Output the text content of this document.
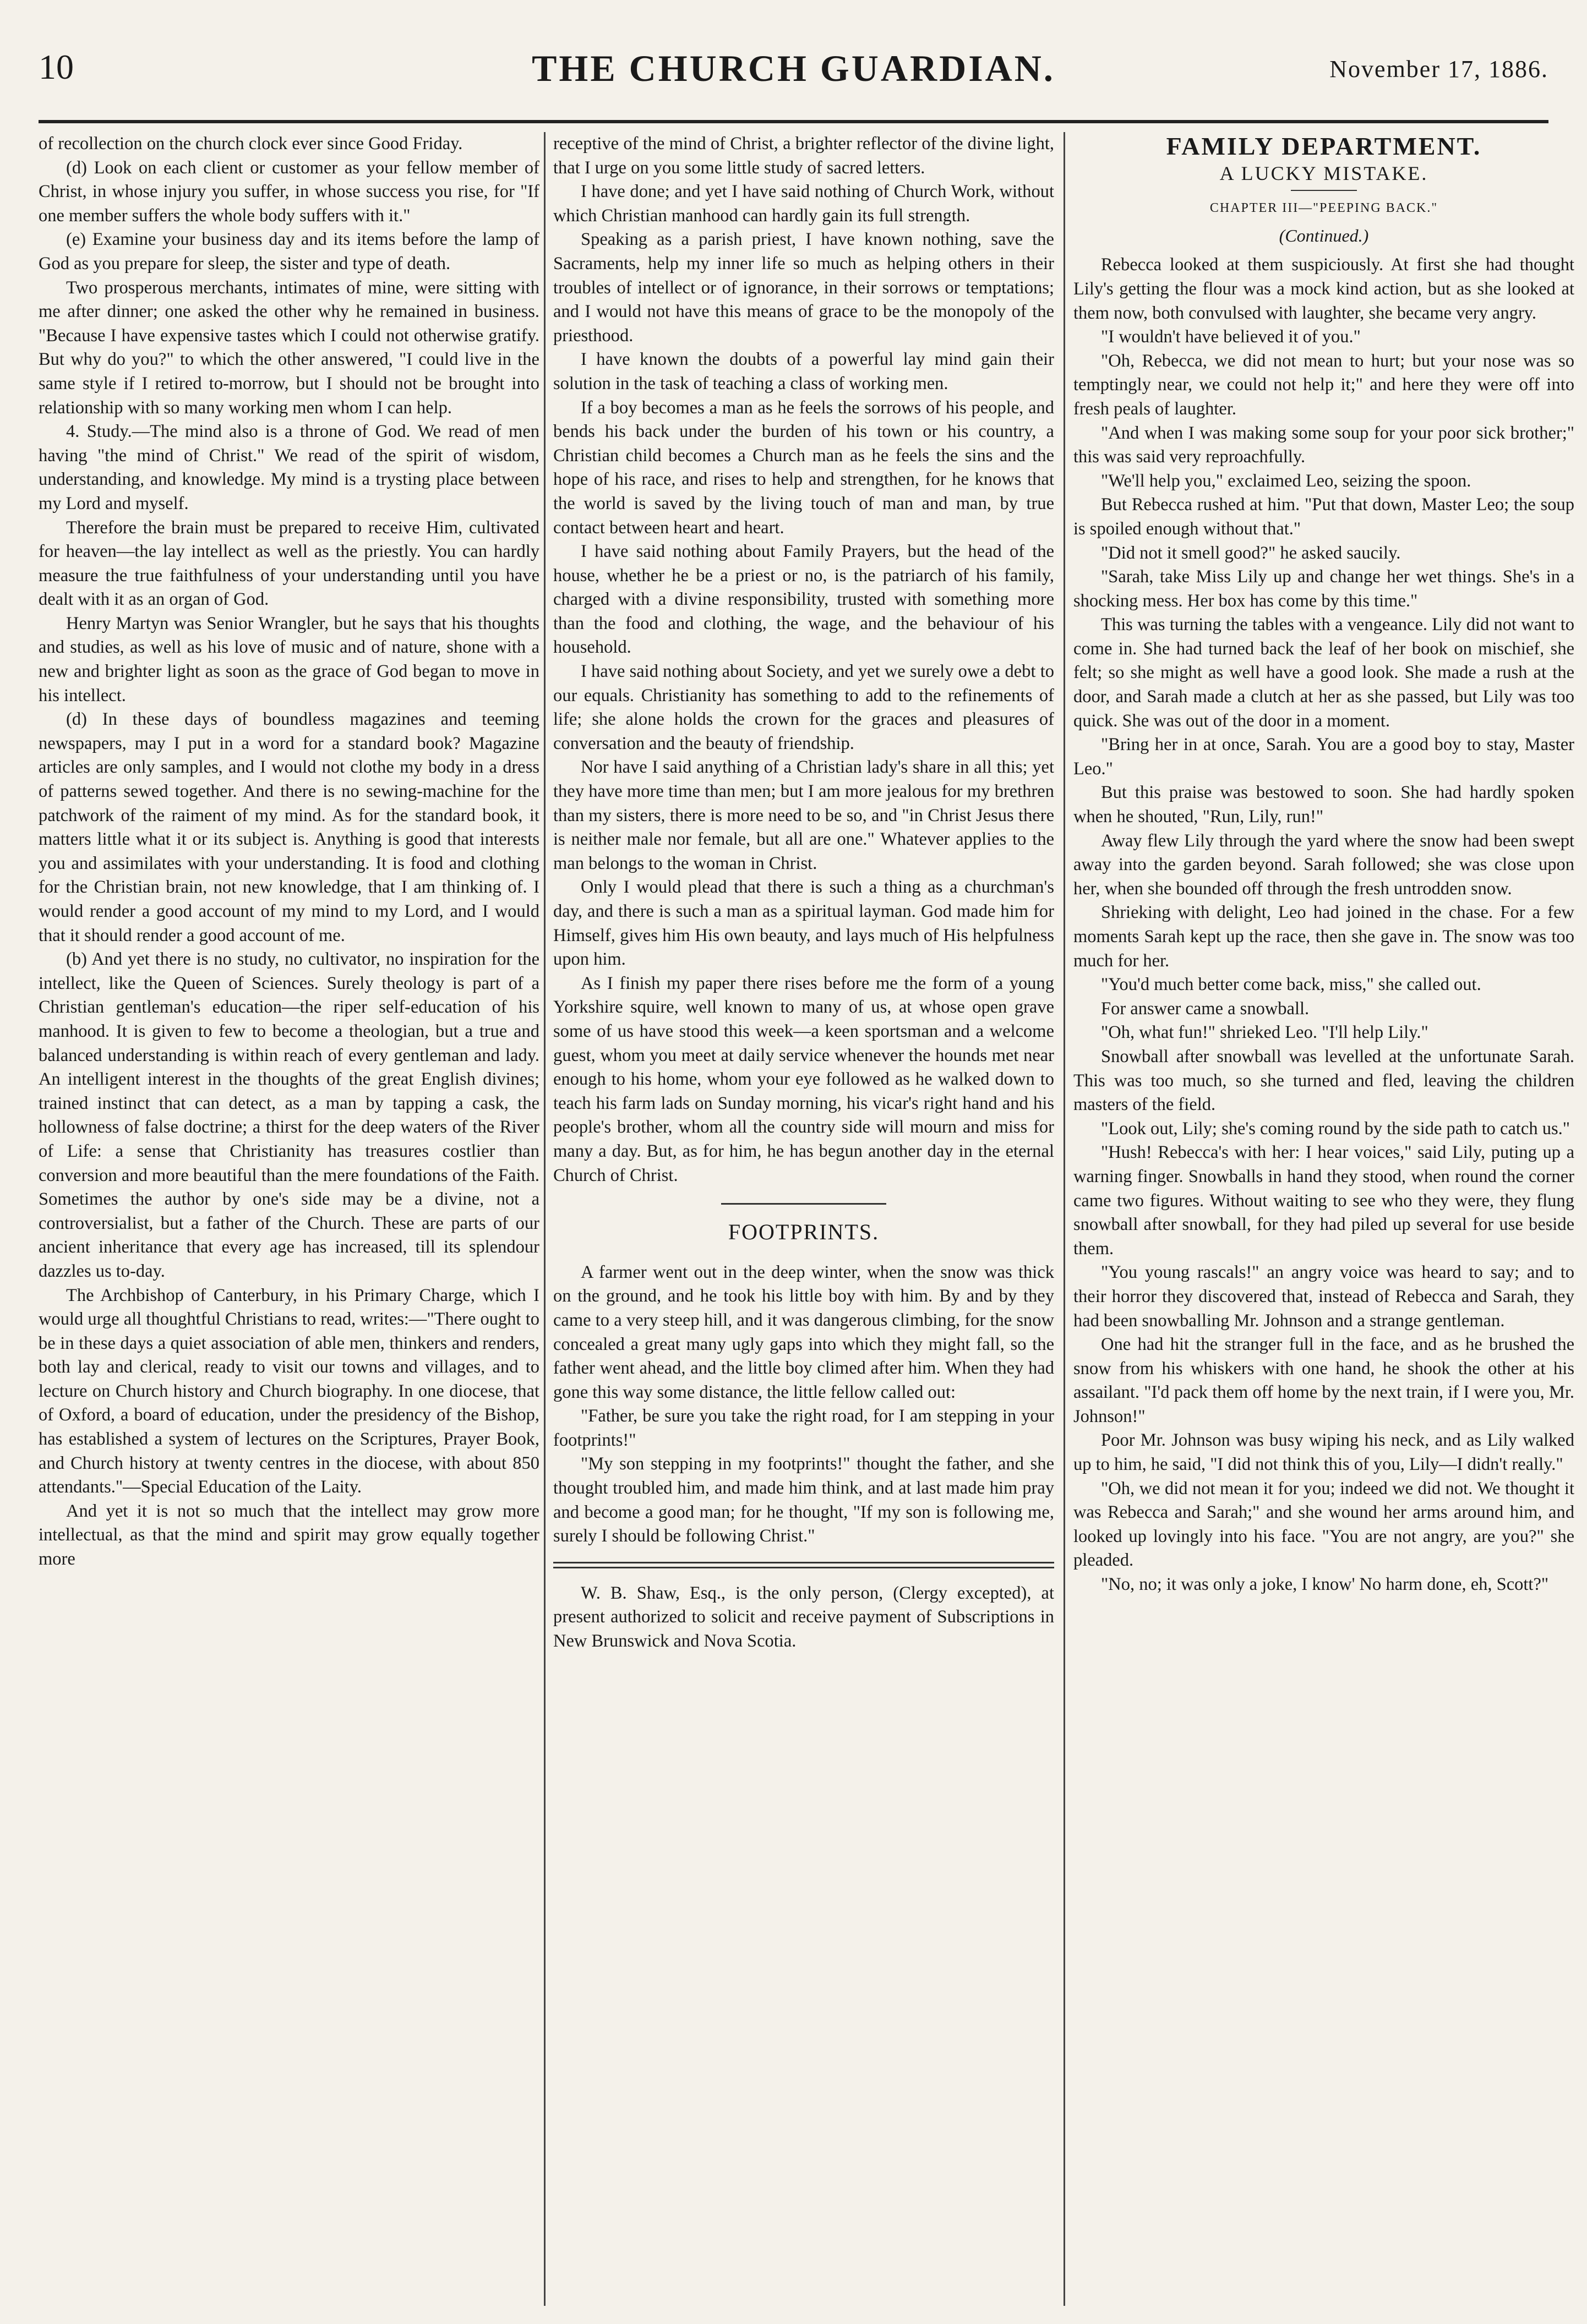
10	THE CHURCH GUARDIAN.	November 17, 1886.

of recollection on the church clock ever since Good Friday.

(d) Look on each client or customer as your fellow member of Christ, in whose injury you suffer, in whose success you rise, for "If one member suffers the whole body suffers with it."

(e) Examine your business day and its items before the lamp of God as you prepare for sleep, the sister and type of death.

Two prosperous merchants, intimates of mine, were sitting with me after dinner; one asked the other why he remained in business. "Because I have expensive tastes which I could not otherwise gratify. But why do you?" to which the other answered, "I could live in the same style if I retired to-morrow, but I should not be brought into relationship with so many working men whom I can help.

4. Study.—The mind also is a throne of God. We read of men having "the mind of Christ." We read of the spirit of wisdom, understanding, and knowledge. My mind is a trysting place between my Lord and myself.

Therefore the brain must be prepared to receive Him, cultivated for heaven—the lay intellect as well as the priestly. You can hardly measure the true faithfulness of your understanding until you have dealt with it as an organ of God.

Henry Martyn was Senior Wrangler, but he says that his thoughts and studies, as well as his love of music and of nature, shone with a new and brighter light as soon as the grace of God began to move in his intellect.

(d) In these days of boundless magazines and teeming newspapers, may I put in a word for a standard book? Magazine articles are only samples, and I would not clothe my body in a dress of patterns sewed together. And there is no sewing-machine for the patchwork of the raiment of my mind. As for the standard book, it matters little what it or its subject is. Anything is good that interests you and assimilates with your understanding. It is food and clothing for the Christian brain, not new knowledge, that I am thinking of. I would render a good account of my mind to my Lord, and I would that it should render a good account of me.

(b) And yet there is no study, no cultivator, no inspiration for the intellect, like the Queen of Sciences. Surely theology is part of a Christian gentleman's education—the riper self-education of his manhood. It is given to few to become a theologian, but a true and balanced understanding is within reach of every gentleman and lady. An intelligent interest in the thoughts of the great English divines; trained instinct that can detect, as a man by tapping a cask, the hollowness of false doctrine; a thirst for the deep waters of the River of Life: a sense that Christianity has treasures costlier than conversion and more beautiful than the mere foundations of the Faith. Sometimes the author by one's side may be a divine, not a controversialist, but a father of the Church. These are parts of our ancient inheritance that every age has increased, till its splendour dazzles us to-day.

The Archbishop of Canterbury, in his Primary Charge, which I would urge all thoughtful Christians to read, writes:—"There ought to be in these days a quiet association of able men, thinkers and renders, both lay and clerical, ready to visit our towns and villages, and to lecture on Church history and Church biography. In one diocese, that of Oxford, a board of education, under the presidency of the Bishop, has established a system of lectures on the Scriptures, Prayer Book, and Church history at twenty centres in the diocese, with about 850 attendants."—Special Education of the Laity.

And yet it is not so much that the intellect may grow more intellectual, as that the mind and spirit may grow equally together more

receptive of the mind of Christ, a brighter reflector of the divine light, that I urge on you some little study of sacred letters.

I have done; and yet I have said nothing of Church Work, without which Christian manhood can hardly gain its full strength.

Speaking as a parish priest, I have known nothing, save the Sacraments, help my inner life so much as helping others in their troubles of intellect or of ignorance, in their sorrows or temptations; and I would not have this means of grace to be the monopoly of the priesthood.

I have known the doubts of a powerful lay mind gain their solution in the task of teaching a class of working men.

If a boy becomes a man as he feels the sorrows of his people, and bends his back under the burden of his town or his country, a Christian child becomes a Church man as he feels the sins and the hope of his race, and rises to help and strengthen, for he knows that the world is saved by the living touch of man and man, by true contact between heart and heart.

I have said nothing about Family Prayers, but the head of the house, whether he be a priest or no, is the patriarch of his family, charged with a divine responsibility, trusted with something more than the food and clothing, the wage, and the behaviour of his household.

I have said nothing about Society, and yet we surely owe a debt to our equals. Christianity has something to add to the refinements of life; she alone holds the crown for the graces and pleasures of conversation and the beauty of friendship.

Nor have I said anything of a Christian lady's share in all this; yet they have more time than men; but I am more jealous for my brethren than my sisters, there is more need to be so, and "in Christ Jesus there is neither male nor female, but all are one." Whatever applies to the man belongs to the woman in Christ.

Only I would plead that there is such a thing as a churchman's day, and there is such a man as a spiritual layman. God made him for Himself, gives him His own beauty, and lays much of His helpfulness upon him.

As I finish my paper there rises before me the form of a young Yorkshire squire, well known to many of us, at whose open grave some of us have stood this week—a keen sportsman and a welcome guest, whom you meet at daily service whenever the hounds met near enough to his home, whom your eye followed as he walked down to teach his farm lads on Sunday morning, his vicar's right hand and his people's brother, whom all the country side will mourn and miss for many a day. But, as for him, he has begun another day in the eternal Church of Christ.

FOOTPRINTS.

A farmer went out in the deep winter, when the snow was thick on the ground, and he took his little boy with him. By and by they came to a very steep hill, and it was dangerous climbing, for the snow concealed a great many ugly gaps into which they might fall, so the father went ahead, and the little boy climed after him. When they had gone this way some distance, the little fellow called out:

"Father, be sure you take the right road, for I am stepping in your footprints!"

"My son stepping in my footprints!" thought the father, and she thought troubled him, and made him think, and at last made him pray and become a good man; for he thought, "If my son is following me, surely I should be following Christ."

W. B. Shaw, Esq., is the only person, (Clergy excepted), at present authorized to solicit and receive payment of Subscriptions in New Brunswick and Nova Scotia.

FAMILY DEPARTMENT.
A LUCKY MISTAKE.
CHAPTER III—"PEEPING BACK."
(Continued.)

Rebecca looked at them suspiciously. At first she had thought Lily's getting the flour was a mock kind action, but as she looked at them now, both convulsed with laughter, she became very angry.

"I wouldn't have believed it of you."

"Oh, Rebecca, we did not mean to hurt; but your nose was so temptingly near, we could not help it;" and here they were off into fresh peals of laughter.

"And when I was making some soup for your poor sick brother;" this was said very reproachfully.

"We'll help you," exclaimed Leo, seizing the spoon.

But Rebecca rushed at him. "Put that down, Master Leo; the soup is spoiled enough without that."

"Did not it smell good?" he asked saucily.

"Sarah, take Miss Lily up and change her wet things. She's in a shocking mess. Her box has come by this time."

This was turning the tables with a vengeance. Lily did not want to come in. She had turned back the leaf of her book on mischief, she felt; so she might as well have a good look. She made a rush at the door, and Sarah made a clutch at her as she passed, but Lily was too quick. She was out of the door in a moment.

"Bring her in at once, Sarah. You are a good boy to stay, Master Leo."

But this praise was bestowed to soon. She had hardly spoken when he shouted, "Run, Lily, run!"

Away flew Lily through the yard where the snow had been swept away into the garden beyond. Sarah followed; she was close upon her, when she bounded off through the fresh untrodden snow.

Shrieking with delight, Leo had joined in the chase. For a few moments Sarah kept up the race, then she gave in. The snow was too much for her.

"You'd much better come back, miss," she called out.

For answer came a snowball.

"Oh, what fun!" shrieked Leo. "I'll help Lily."

Snowball after snowball was levelled at the unfortunate Sarah. This was too much, so she turned and fled, leaving the children masters of the field.

"Look out, Lily; she's coming round by the side path to catch us."

"Hush! Rebecca's with her: I hear voices," said Lily, puting up a warning finger. Snowballs in hand they stood, when round the corner came two figures. Without waiting to see who they were, they flung snowball after snowball, for they had piled up several for use beside them.

"You young rascals!" an angry voice was heard to say; and to their horror they discovered that, instead of Rebecca and Sarah, they had been snowballing Mr. Johnson and a strange gentleman.

One had hit the stranger full in the face, and as he brushed the snow from his whiskers with one hand, he shook the other at his assailant. "I'd pack them off home by the next train, if I were you, Mr. Johnson!"

Poor Mr. Johnson was busy wiping his neck, and as Lily walked up to him, he said, "I did not think this of you, Lily—I didn't really."

"Oh, we did not mean it for you; indeed we did not. We thought it was Rebecca and Sarah;" and she wound her arms around him, and looked up lovingly into his face. "You are not angry, are you?" she pleaded.

"No, no; it was only a joke, I know' No harm done, eh, Scott?"
